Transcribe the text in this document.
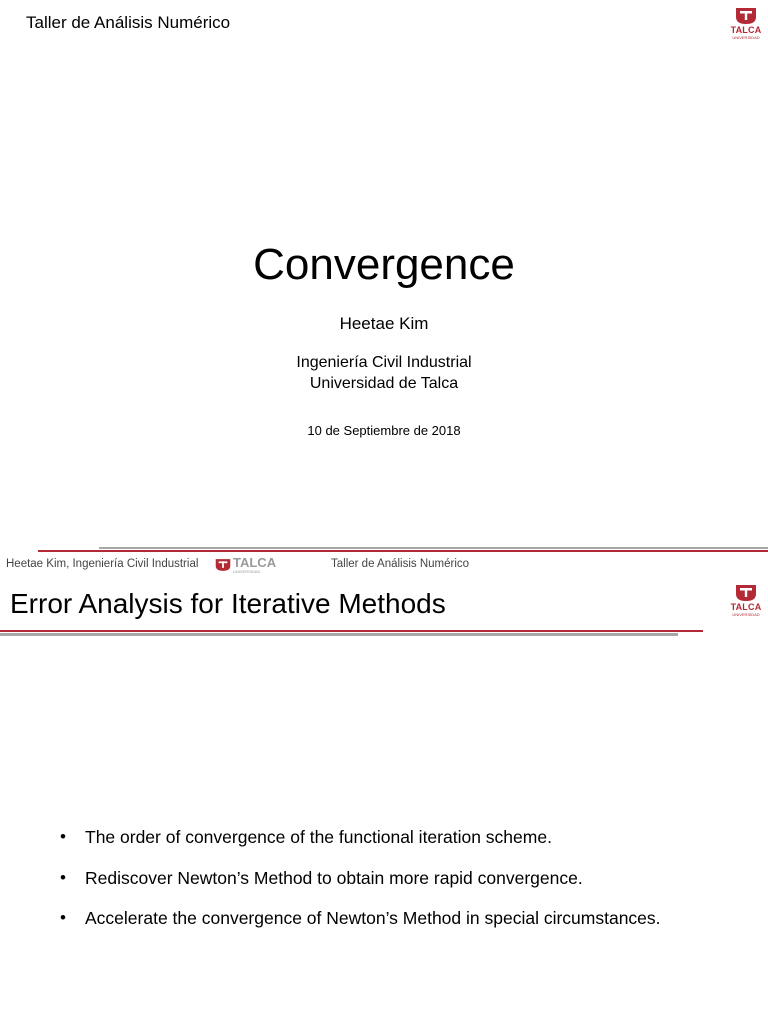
Taller de Análisis Numérico	TALCA
UNIVERSIDAD
Convergence
Heetae Kim
Ingeniería Civil Industrial
Universidad de Talca
10 de Septiembre de 2018
Heetae Kim, Ingeniería Civil Industrial	TALCA
UNIVERSIDAD
Taller de Análisis Numérico
Error Analysis for Iterative Methods	TALCA
UNIVERSIDAD
• The order of convergence of the functional iteration scheme.
• Rediscover Newton’s Method to obtain more rapid convergence.
• Accelerate the convergence of Newton’s Method in special circumstances.
